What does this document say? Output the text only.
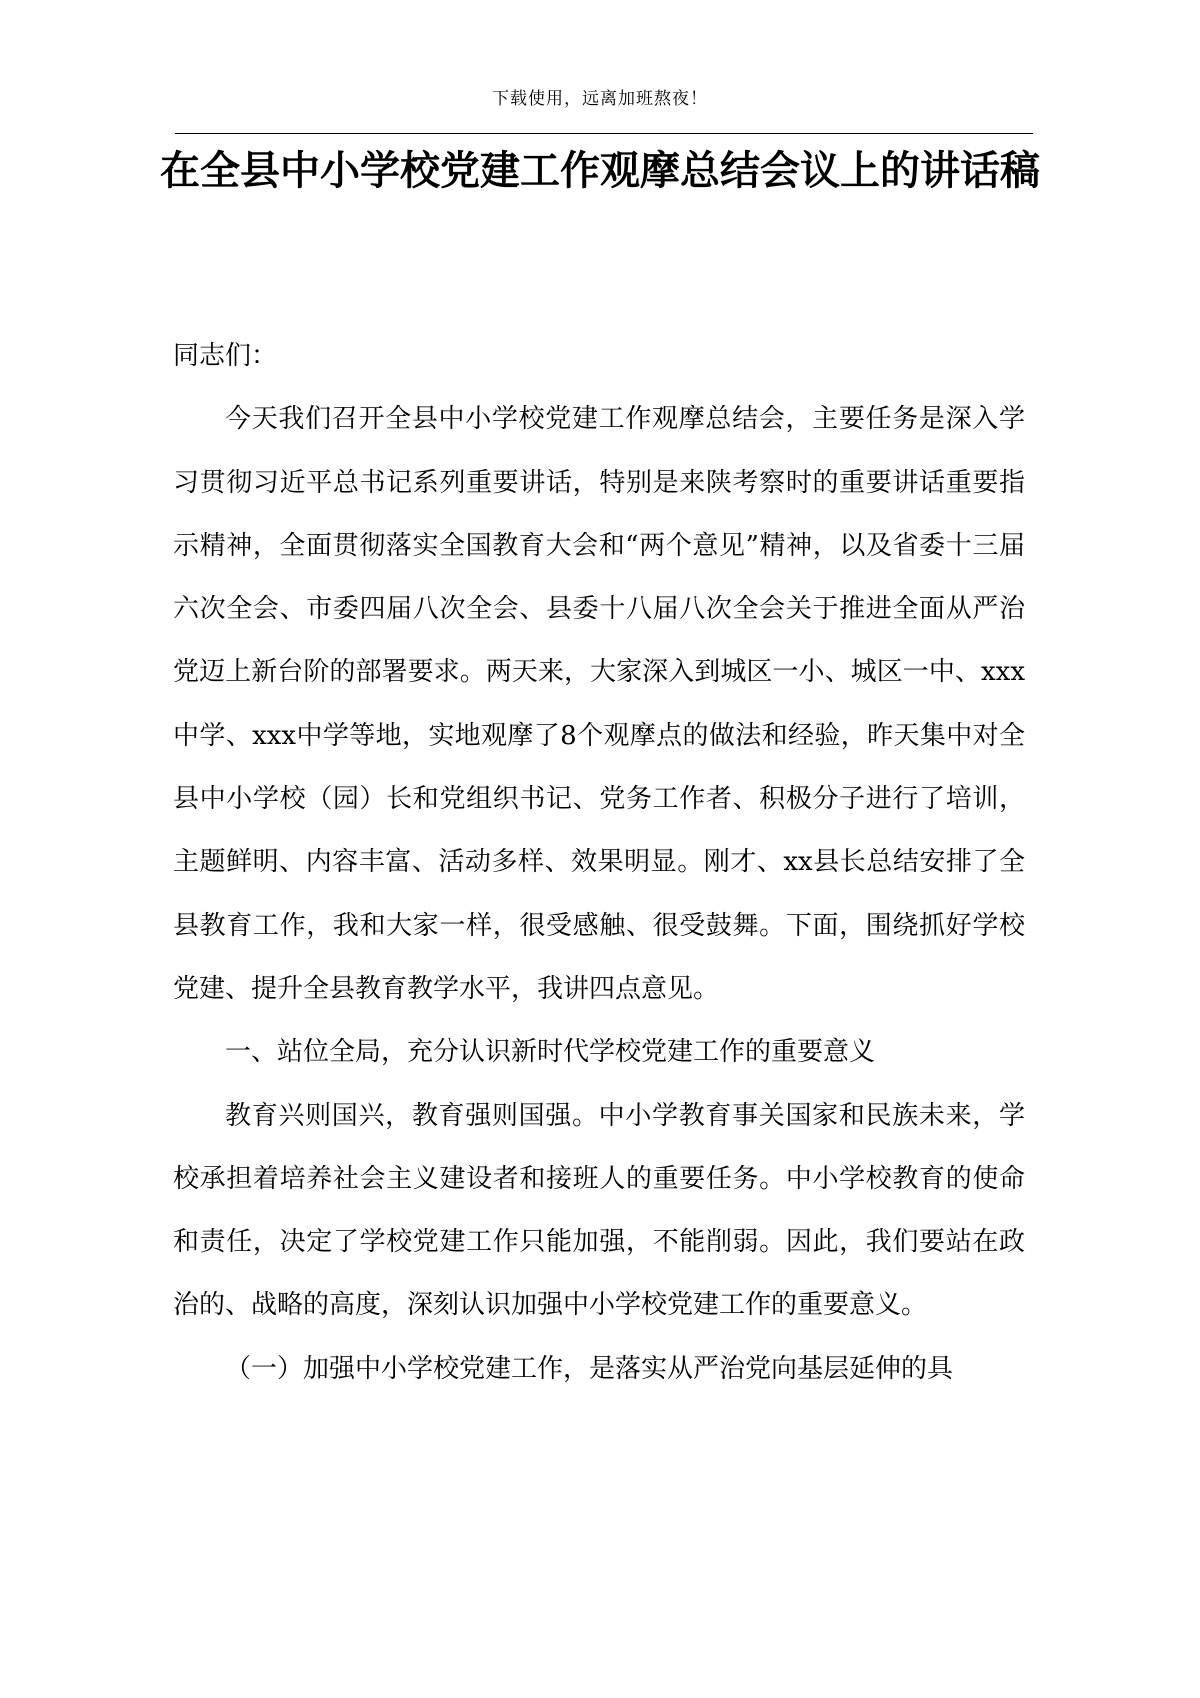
下载使用，远离加班熬夜！
在全县中小学校党建工作观摩总结会议上的讲话稿

同志们：

今天我们召开全县中小学校党建工作观摩总结会，主要任务是深入学习贯彻习近平总书记系列重要讲话，特别是来陕考察时的重要讲话重要指示精神，全面贯彻落实全国教育大会和“两个意见”精神，以及省委十三届六次全会、市委四届八次全会、县委十八届八次全会关于推进全面从严治党迈上新台阶的部署要求。两天来，大家深入到城区一小、城区一中、xxx中学、xxx中学等地，实地观摩了8个观摩点的做法和经验，昨天集中对全县中小学校（园）长和党组织书记、党务工作者、积极分子进行了培训，主题鲜明、内容丰富、活动多样、效果明显。刚才、xx县长总结安排了全县教育工作，我和大家一样，很受感触、很受鼓舞。下面，围绕抓好学校党建、提升全县教育教学水平，我讲四点意见。

一、站位全局，充分认识新时代学校党建工作的重要意义

教育兴则国兴，教育强则国强。中小学教育事关国家和民族未来，学校承担着培养社会主义建设者和接班人的重要任务。中小学校教育的使命和责任，决定了学校党建工作只能加强，不能削弱。因此，我们要站在政治的、战略的高度，深刻认识加强中小学校党建工作的重要意义。

（一）加强中小学校党建工作，是落实从严治党向基层延伸的具
